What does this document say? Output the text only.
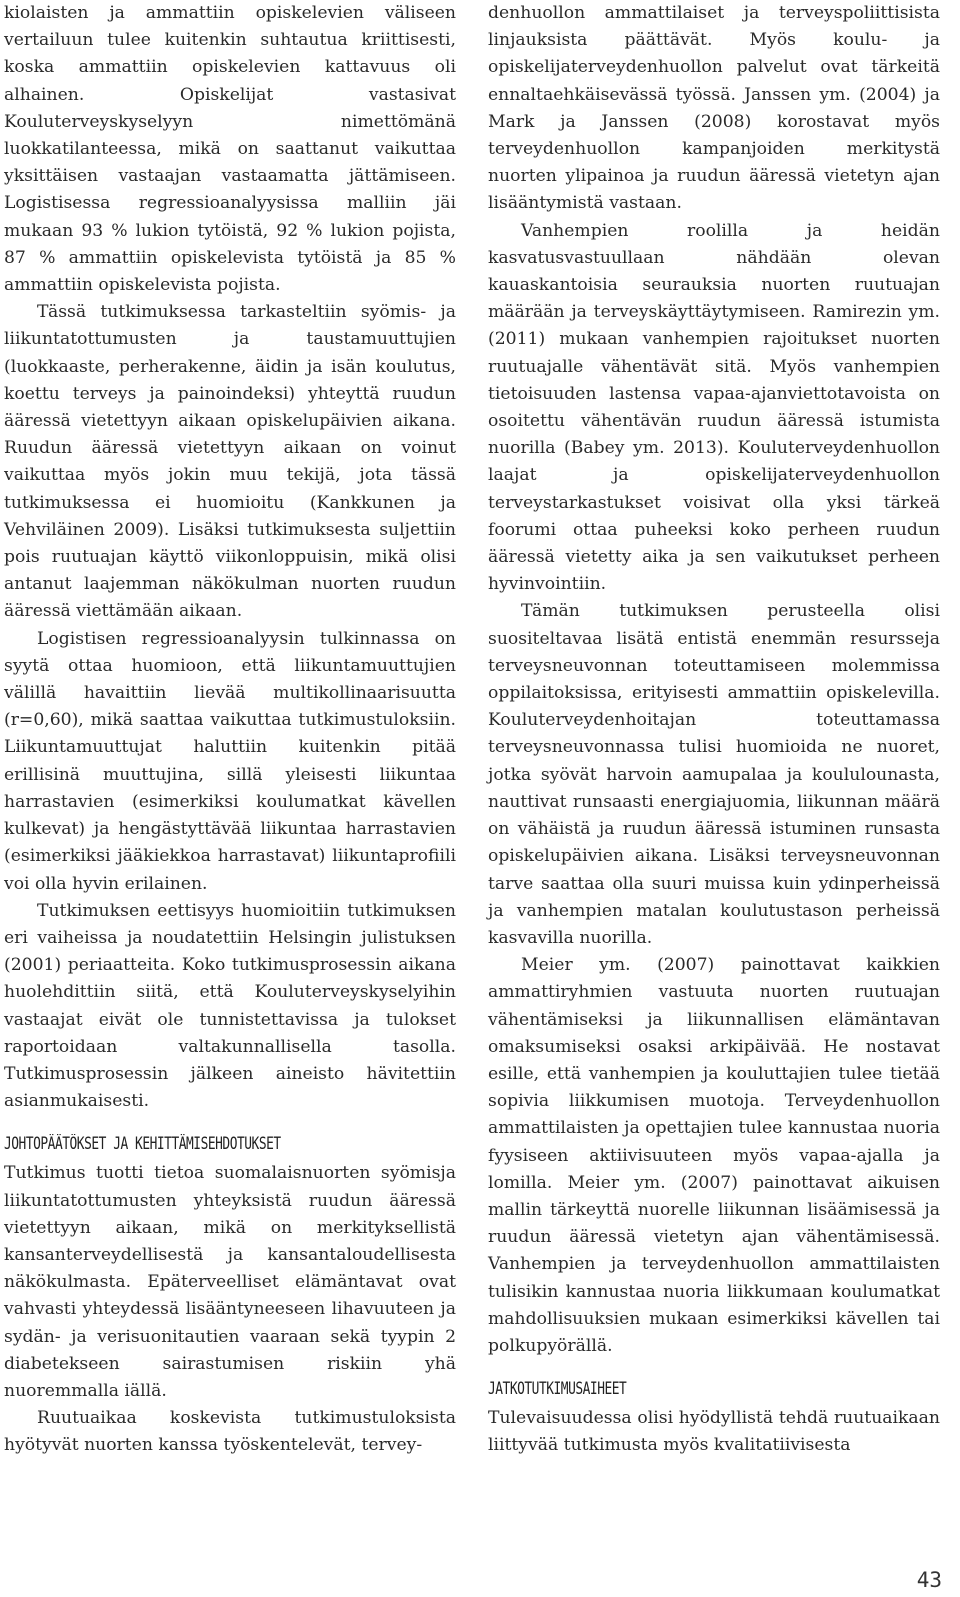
kiolaisten ja ammattiin opiskelevien väliseen vertailuun tulee kuitenkin suhtautua kriittisesti, koska ammattiin opiskelevien kattavuus oli alhainen. Opiskelijat vastasivat Kouluterveyskyselyyn nimettömänä luokkatilanteessa, mikä on saattanut vaikuttaa yksittäisen vastaajan vastaamatta jättämiseen. Logistisessa regressioanalyysissa malliin jäi mukaan 93 % lukion tytöistä, 92 % lukion pojista, 87 % ammattiin opiskelevista tytöistä ja 85 % ammattiin opiskelevista pojista.

Tässä tutkimuksessa tarkasteltiin syömis- ja liikuntatottumusten ja taustamuuttujien (luokkaaste, perherakenne, äidin ja isän koulutus, koettu terveys ja painoindeksi) yhteyttä ruudun ääressä vietettyyn aikaan opiskelupäivien aikana. Ruudun ääressä vietettyyn aikaan on voinut vaikuttaa myös jokin muu tekijä, jota tässä tutkimuksessa ei huomioitu (Kankkunen ja Vehviläinen 2009). Lisäksi tutkimuksesta suljettiin pois ruutuajan käyttö viikonloppuisin, mikä olisi antanut laajemman näkökulman nuorten ruudun ääressä viettämään aikaan.

Logistisen regressioanalyysin tulkinnassa on syytä ottaa huomioon, että liikuntamuuttujien välillä havaittiin lievää multikollinaarisuutta (r=0,60), mikä saattaa vaikuttaa tutkimustuloksiin. Liikuntamuuttujat haluttiin kuitenkin pitää erillisinä muuttujina, sillä yleisesti liikuntaa harrastavien (esimerkiksi koulumatkat kävellen kulkevat) ja hengästyttävää liikuntaa harrastavien (esimerkiksi jääkiekkoa harrastavat) liikuntaprofiili voi olla hyvin erilainen.

Tutkimuksen eettisyys huomioitiin tutkimuksen eri vaiheissa ja noudatettiin Helsingin julistuksen (2001) periaatteita. Koko tutkimusprosessin aikana huolehdittiin siitä, että Kouluterveyskyselyihin vastaajat eivät ole tunnistettavissa ja tulokset raportoidaan valtakunnallisella tasolla. Tutkimusprosessin jälkeen aineisto hävitettiin asianmukaisesti.

JOHTOPÄÄTÖKSET JA KEHITTÄMISEHDOTUKSET

Tutkimus tuotti tietoa suomalaisnuorten syömisja liikuntatottumusten yhteyksistä ruudun ääressä vietettyyn aikaan, mikä on merkityksellistä kansanterveydellisestä ja kansantaloudellisesta näkökulmasta. Epäterveelliset elämäntavat ovat vahvasti yhteydessä lisääntyneeseen lihavuuteen ja sydän- ja verisuonitautien vaaraan sekä tyypin 2 diabetekseen sairastumisen riskiin yhä nuoremmalla iällä.

Ruutuaikaa koskevista tutkimustuloksista hyötyvät nuorten kanssa työskentelevät, tervey-

denhuollon ammattilaiset ja terveyspoliittisista linjauksista päättävät. Myös koulu- ja opiskelijaterveydenhuollon palvelut ovat tärkeitä ennaltaehkäisevässä työssä. Janssen ym. (2004) ja Mark ja Janssen (2008) korostavat myös terveydenhuollon kampanjoiden merkitystä nuorten ylipainoa ja ruudun ääressä vietetyn ajan lisääntymistä vastaan.

Vanhempien roolilla ja heidän kasvatusvastuullaan nähdään olevan kauaskantoisia seurauksia nuorten ruutuajan määrään ja terveyskäyttäytymiseen. Ramirezin ym. (2011) mukaan vanhempien rajoitukset nuorten ruutuajalle vähentävät sitä. Myös vanhempien tietoisuuden lastensa vapaa-ajanviettotavoista on osoitettu vähentävän ruudun ääressä istumista nuorilla (Babey ym. 2013). Kouluterveydenhuollon laajat ja opiskelijaterveydenhuollon terveystarkastukset voisivat olla yksi tärkeä foorumi ottaa puheeksi koko perheen ruudun ääressä vietetty aika ja sen vaikutukset perheen hyvinvointiin.

Tämän tutkimuksen perusteella olisi suositeltavaa lisätä entistä enemmän resursseja terveysneuvonnan toteuttamiseen molemmissa oppilaitoksissa, erityisesti ammattiin opiskelevilla. Kouluterveydenhoitajan toteuttamassa terveysneuvonnassa tulisi huomioida ne nuoret, jotka syövät harvoin aamupalaa ja koululounasta, nauttivat runsaasti energiajuomia, liikunnan määrä on vähäistä ja ruudun ääressä istuminen runsasta opiskelupäivien aikana. Lisäksi terveysneuvonnan tarve saattaa olla suuri muissa kuin ydinperheissä ja vanhempien matalan koulutustason perheissä kasvavilla nuorilla.

Meier ym. (2007) painottavat kaikkien ammattiryhmien vastuuta nuorten ruutuajan vähentämiseksi ja liikunnallisen elämäntavan omaksumiseksi osaksi arkipäivää. He nostavat esille, että vanhempien ja kouluttajien tulee tietää sopivia liikkumisen muotoja. Terveydenhuollon ammattilaisten ja opettajien tulee kannustaa nuoria fyysiseen aktiivisuuteen myös vapaa-ajalla ja lomilla. Meier ym. (2007) painottavat aikuisen mallin tärkeyttä nuorelle liikunnan lisäämisessä ja ruudun ääressä vietetyn ajan vähentämisessä. Vanhempien ja terveydenhuollon ammattilaisten tulisikin kannustaa nuoria liikkumaan koulumatkat mahdollisuuksien mukaan esimerkiksi kävellen tai polkupyörällä.

JATKOTUTKIMUSAIHEET

Tulevaisuudessa olisi hyödyllistä tehdä ruutuaikaan liittyvää tutkimusta myös kvalitatiivisesta

43
